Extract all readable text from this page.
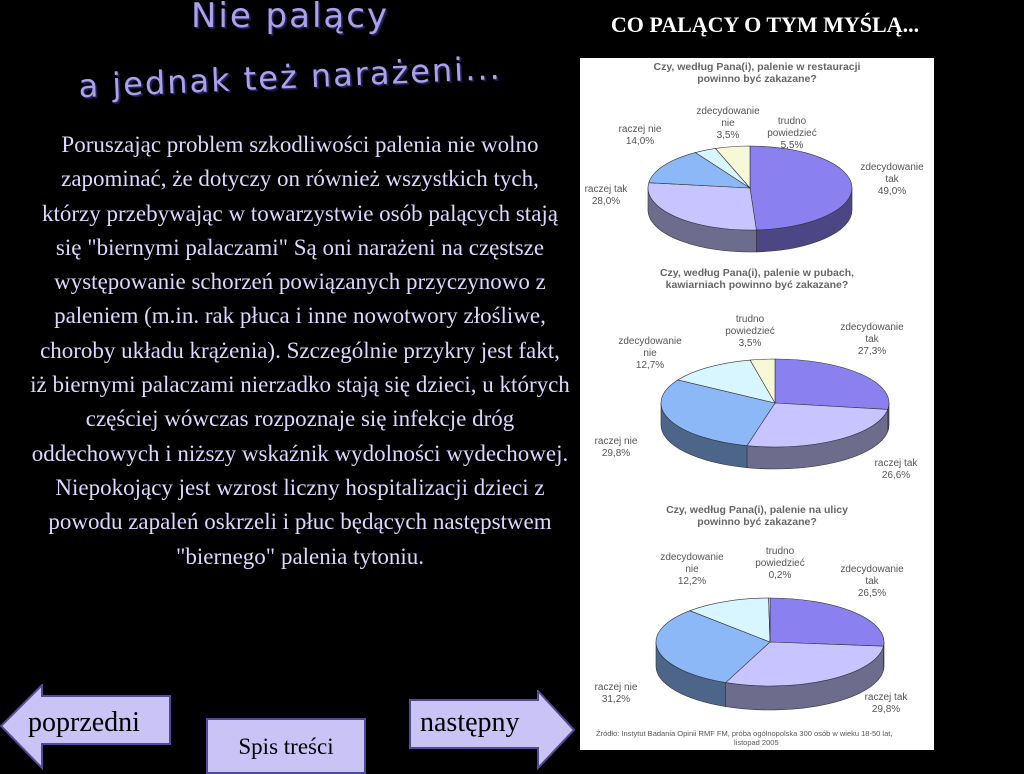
Nie palący
a jednak też narażeni...
Poruszając problem szkodliwości palenia nie wolno zapominać, że dotyczy on również wszystkich tych, którzy przebywając w towarzystwie osób palących stają się "biernymi palaczami" Są oni narażeni na częstsze występowanie schorzeń powiązanych przyczynowo z paleniem (m.in. rak płuca i inne nowotwory złośliwe, choroby układu krążenia). Szczególnie przykry jest fakt, iż biernymi palaczami nierzadko stają się dzieci, u których częściej wówczas rozpoznaje się infekcje dróg oddechowych i niższy wskaźnik wydolności wydechowej. Niepokojący jest wzrost liczny hospitalizacji dzieci z powodu zapaleń oskrzeli i płuc będących następstwem "biernego" palenia tytoniu.
CO PALĄCY O TYM MYŚLĄ...
Czy, według Pana(i), palenie w restauracji powinno być zakazane?
zdecydowanie tak 49,0%
raczej tak 28,0%
raczej nie 14,0%
zdecydowanie nie 3,5%
trudno powiedzieć 5,5%
Czy, według Pana(i), palenie w pubach, kawiarniach powinno być zakazane?
zdecydowanie tak 27,3%
raczej tak 26,6%
raczej nie 29,8%
zdecydowanie nie 12,7%
trudno powiedzieć 3,5%
Czy, według Pana(i), palenie na ulicy powinno być zakazane?
zdecydowanie tak 26,5%
raczej tak 29,8%
raczej nie 31,2%
zdecydowanie nie 12,2%
trudno powiedzieć 0,2%
Źródło: Instytut Badania Opinii RMF FM, próba ogólnopolska 300 osób w wieku 18-50 lat, listopad 2005
poprzedni	następny
Spis treści
